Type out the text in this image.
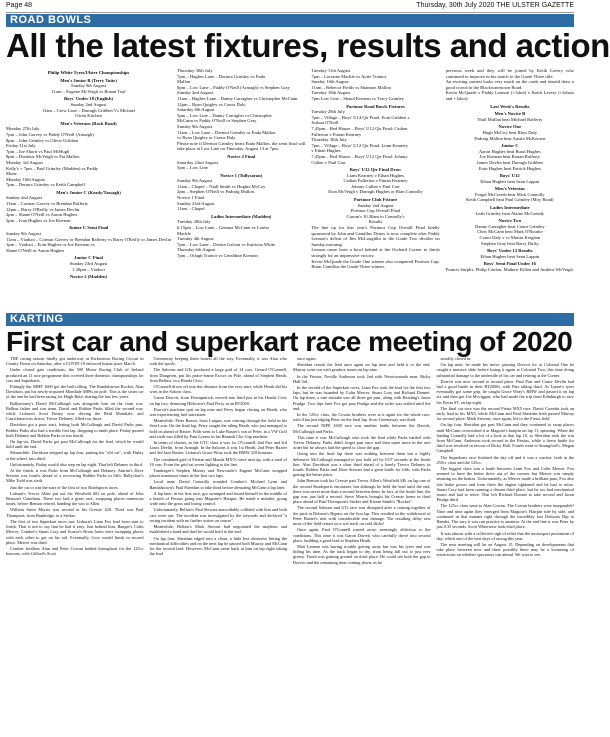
Page 48	Thursday, 30th July 2020 THE ULSTER GAZETTE
ROAD BOWLS
All the latest fixtures, results and action
Philip White Tyres/Ulster Championships
Men's Junior B (Terry Tuite)
Sunday 9th August
11am – Eugene McVeigh vs Ronan Toal
Boys' Under 18 (English)
Sunday 2nd August
11am – Crew Lane – Darragh Gribben Vs Michael
Owen Kitchen
Men's Veterans (Rock Road)
Monday 27th July
7pm – John Garvey vs Paddy O'Neill (Armagh)
8pm – John Grimley vs Oliver Gribben
Friday 31st July
7pm – Joe Shortt vs Paul McHugh
8pm – Dominic McVeigh vs Pat Mallon
Monday 3rd August
Kelly's + 7pm – Paul Grimley (Madden) vs Paddy
Mone
Monday 10th August
7pm – Dermot Grimley vs Keith Campbell
Men's Junior C (Keady/Tassagh)
Sunday 2nd August
11am – Cormac Garvey vs Brendan Rafferty
12pm – Barry O'Reilly vs James Devlin
2pm – Shane O'Neill vs Aaron Hughes
2pm – Ivan Hughes vs Joe Kiernan
Junior C Semi Final
Sunday 9th August
11am – Viaduct – Cormac Garvey or Brendan Rafferty vs Barry O'Reilly or James Devlin
1pm – Viaduct – Eoin Hughes or Joe Kiernan vs
Shane O'Neill or Aaron Hughes
Junior C Final
Sunday 23rd August
1.30pm – Viaduct
Novice 2 (Madden)
Thursday 30th July
7pm – Hughes Lane – Dermot Grimley vs Enda
Mallon
8pm – Low Lane – Paddy O'Neill (Armagh) vs Stephen Gray
Sunday 2nd August
11am – Hughes Lane – Danny Carragher vs Christopher McCann
12pm – Ryan Quigley vs Conor Daly
Saturday 8th August
5pm – Low Line – Danny Carragher or Christopher
McCann vs Paddy O'Neill or Stephen Gray
Sunday 9th August
11am – Low Lane – Dermot Grimley or Enda Mallon
vs Ryan Quigley or Conor Daly
Please note if Dermot Grimley beats Enda Mallon, the semi final will take place at Low Line on Thursday, August 13 at 7pm.
Novice 2 Final
Saturday 22nd August
5pm – Low Line
Novice 1 (Tullysaran)
Sunday 9th August
11am – Chapel – Niall Smith vs Hughie McCoy
2pm – Stephen O'Neill vs Padraig Mallon
Novice 1 Final
Sunday 23rd August
11am – Chapel
Ladies Intermediate (Madden)
Tuesday 28th July
6.15pm – Low Lane – Gemma McCann vs Louise
Mackle
Tuesday 4th August
7pm – Low Lane – Denise Galvan vs Katriona White
Thursday 6th August
7pm – Orlagh Trainor vs Geraldine Kiernan
Tuesday 11th August
7pm – Lorraine Mackle vs Aoife Trainor
Sunday 16th August
11am – Rebecca Fields vs Shannon Mallon
Tuesday 18th August
7pm Low Line – Shaud Kiernan vs Tracy Grimley
Portmor Road Bowls Fixtures
Tuesday 28th July
7pm – Village – Boys' U14 Qtr Final: Eoin Gribben v
Joshua O'Neill
7.45pm – Red House – Boys' U12 Qtr Final: Cadian
Fullerton v Fintan Kearney
Thursday 30th July
7pm – Village – Boys' U12 Qtr Final: Liam Kearney
v Ethan Hughes
7.45pm – Red House – Boys' U12 Qtr Final: Johnny
Cullen v Paul Carr
Boys' U12 Qtr Final Draw
Liam Kearney v Ethan Hughes
Cadian Fullerton v Fintan Kearney
Johnny Cullen v Paul Carr
Eoin McVeigh v Darragh Hughes or Rian Connolly
Portmor Club Fixture
Sunday 2nd August
Portmor Cup Overall Final
Curran's 10.30am to Connolly's
Results
The line up for this year's Portmor Cup Overall Final kindly sponsored by John and Camillus Dynes is now complete after Paddy Lennon's defeat of Jim McLoughlin in the Grade Two decider on Sunday morning.
Lennon came from a bowl behind at the Orchard Corner to finish strongly for an impressive victory.
Kevin McQuade the Grade One winner also conquered Portmor Cup, Brian Camillus the Grade Three winner.
previous week and they will be joined by Keith Lavery who continued to improve in his match to the Grade Three title.
An exciting contest looks very much on the cards and should draw a good crowd to the Blackwatertown Road.
Kevin McQuade v Paddy Lennon (+1shot) v Keith Lavery (+2shots and +1shot).
Last Week's Results
Men's Novice B
Niall Mullan beat Michael Rafferty
Novice One
Hugh McCoy beat Rhys Daly
Padraig Mallon beat Austin McKeown
Junior C
Aaron Hughes beat Ruari Hughes
Joe Kiernan beat Ronan Rafferty
James Devlin beat Darragh Gribben
Eoin Hughes beat Patrick Hughes
Boys' U12
Ethan Hughes beat Sean Lappin
Men's Veterans
Fergal McCreesh beat Mick Connolly
Keith Campbell beat Paul Grimley (Moy Road)
Ladies Intermediate
Leah Grimley beat Alaine McGrendy
Novice Two
Danny Carragher beat Conor Grimley
Chris McCann beat Mark O'Rourke
Conor Daly v vs Martin Keighan
Stephen Gray beat Barry Duffy
Boys' Under 12 Results
Ethan Hughes beat Sean Lappin
Boys' Semi Final Under 16
Francis Surplis, Philip Conlon, Mathew Killen and Andrew McVeigh.
KARTING

THE racing season finally got underway at Kirkistown Racing Circuit in County Down on Saturday, after a COVID-19 enforced hiatus since March.

Under closed gate conditions, the 500 Motor Racing Club of Ireland produced an 11 race programme that covered three domestic championships for cars and Superkarts.

Fittingly the NIHF 1600 got the ball rolling. The Randalstown Rocket, Alan Davidson, put his newly-acquired Mondiale M89s on pole. This is the sister car of the one he had been racing for Hugh Reid, sharing the last few years.

Ballymoney's David McCullough was alongside him on the front row. Bellina father and son team, David and Robbie Parks filled the second row, while Lisburn's Scott Finlay, now driving the Reid Mondiale, and Carrickmacross driver, Trevor Delaney, filled row three.

Davidson got a poor start, letting both McCullough and David Parks past. Robbie Parks also had a terrible first lap, dropping to ninth place. Finlay passed both Delaney and Robbie Parks to run fourth.

On lap six, David Parks got past McCullough for the lead, which he would hold until the end.

Meanwhile, Davidson stepped up lap four, putting his "old car", with Finlay at the wheel, into third.

Unfortunately, Finlay would also step on lap eight. That left Delaney in third.

At the finish, it was Parks from McCullough and Delaney. Antrim's Dave Stewart was fourth, ahead of a recovering Robbie Parks in fifth. Ballyclare's Mike Todd was sixth.

Just the car to win the start of the first of two Roadsports races.

Lisburn's Trevor Allen put out his Westfield SEi on pole, ahead of John Benson's Caterham. These two had a great race, swapping places numerous times, before Benson retired, handing the win to Allen.

William Steve Morris was second in his Cressie 42S. Third was Paul Thompson, from Banbridge, in a Striker.

The first of two Superkart races saw Lisburn's Liam Fox lead from start to finish. That is not to say that he had it easy. Just behind him, Banger's Colin Mercer, Comber's Stuart Cory and Scarva's Brian Jones were swapping places with each other to get on his tail. Eventually, Cory would finish in second place. Mercer was third.

Comber brothers Alan and Peter Cowan battled throughout for the 125cc honours, with Gifford's Scott

Greenaway keeping them honest all the way. Eventually, it was Alan who took the spoils.

The Saloons and GTs produced a large grid of 14 cars. Gerard O'Connell, from Dungiven, put his peace-frame Escort on Pole, ahead of Stephen Heath, from Belfast, in a Honda Civic.

O'Connell drove off into the distance from the very start, while Heath did his wins in the Saloon class.

Garon Dorrvit, from Downpatrick, moved into third just in his Honda Civic on lap two, demoting Hillsown's Paul Perry in an RT2000.

Dorrvit's machine quit on lap nine and Perry began closing on Heath, who was experiencing fuel starvation.

Meanwhile, Peter Baxter, from Lurgan, was coming through the field in his Seat Leon. On the final lap, Perry caught the ailing Heath, who just managed to hold on ahead of Baxter. Fifth went to Luke Baxter's son of Peter, in a VW Golf and sixth was filled by Pam Lyness in his Renault Clio Cup machine.

In terms of classes, as the GTC class it was 1st O'Connell, 2nd Parr and 3rd Louis Devlin, from Armagh. In the Saloons it was 1st Heath, 2nd Peter Baxter and 3rd Jazz Baxter. Lisburn's Grace Wray took the BMW 318 honours.

The combined grid of Fiestas and Mazda MX5's were next up, with a total of 16 cars. From the grid sat seven lighting to the line.

Tandragee's Stephen Murray and Newcastle's Eugene McCann swapped places numerous times in the first two laps.

Local man, David Connolly rounded Comber's Michael Lynn and Randalstown's Paul Sheridan to take third before demoting McCann a lap later.

A lap later, in his first race, got swamped and found himself in the middle of a bunch of Fiestas going into Maguire's Hairpin. He made a mistake, going wide onto the grass and losing control.

Unfortunately, Belfast's Paul Stewart unavoidably collided with him and both cars were out. The incident was investigated by the stewards and declared "a racing incident with no further action on course".

Meanwhile, Belfast's Mark Stewart had negotiated the mayhem and established a bond and duel he would hold to the end.

On lap four, Sheridan edged into a clean, a little less obtrusive hitting the mechanical difficulties and on the next lap he passed both Murray and McCann for the second lead. However, McCann came back at him on lap eight taking the lead

once again.

Sheridan retook the lead once again on lap nine and held it to the end. Murray went out with gearbox issues on lap nine.

In the Fiestas, Neville Anderson took 2nd with Newtownards man, Ricky Hall 3rd.

In the second of the Superkart races, Liam Fox took the lead for the first two laps, but he was hounded by Colin Mercer, Stuart Cory and Richard Donnet. On lap three, a rare mistake saw all three get past, along with Reading's Jason Prudge. Two laps later Fox got past Prudge and the order was settled until the end.

In the 125cc class, the Cowan brothers were at it again for the whole race, with Alan just edging Peter on the final lap. Scott Greenaway was third.

The second NIFF 1600 race was another battle between the Davids, McCullough and Parks.

This time it was McCullough who took the lead while Parks battled with Trevor Delaney. Parks didn't forget past once and then some more in the rare order but he always had the speed to close the gap.

Going into the final lap there was nothing between them but a highly defensive McCullough managed to just hold off by 0.07 seconds at the finish line. Alan Davidson was a clear third ahead of a lonely Trevor Delaney in fourth. Robbie Parks and Dave Stewart had a great battle for fifth, with Parks getting the better place.

John Benson took his Cressie past Trevor Allen's Westfield SEi on lap one of the second Roadsports encounter, but although he held the lead until the end, there was never more than a second between them. In fact, at the finish line, the gap was just half a second. Steve Morris brought his Cressie home in third place ahead of Paul Thompson's Striker and Kieran Smith's "Rocket".

The second Saloons and GTs race was disrupted after a coming together of the pack at Dobson's Bypass on the first lap. This resulted in the withdrawal of Peter Baxter's seat with considerable rear damage. The resulting delay saw most of the field restart on a wet track on cold slicks!

Once again, Paul O'Connell roared away, seemingly oblivious to the conditions. This time it was Garon Dorrvit who carefully drove into second place, building a good lead to Stephen Heath.

Matt Lennon was having trouble getting away but was his tyres and was hiding his time. As the track began to dry, from being full out to just very greasy. Troub was gaining ground on third place. He could see both the gap to Dorrvit and the remaining time coming down, as he

steadily closed in.

On lap nine, he made his move, passing Dorrvit for at Colonial One he caught a massive slide before losing it again at Colonial Two, this time doing substantial damage to the underside of his car and retiring at the Corner.

Dorrvit was now second to second place. Paul Parr and Conor Devlin had had a good battle in their RT2000s, with Parr taking third. As Lynne's tyres eventually got some grip, he caught Grace Wray's BMW and passed it on lap six and then got Joe Mcviggan, who had made the trip from Edinburgh to race his Fiesta ST, on lap eight.

The final car race was the second Fiesta MX5 race. Davitt Coombs took an early lead in his MX5, while McCann and Paul Sheridan both passed Murray for second place. Mark Stewart, once again, led to the Fiesta field.

On lap four, Sheridan got past McCann and they continued to swap places until McCann overcooked it at Maguire's hairpin on lap 11, spinning. When the leading Connolly had a bit of a look at that lap 10, so Sheridan took the win from McCann. Anderson took second in the Fiestas, while a fierce battle for third was resolved in favour of Ricky Hall. Fourth went to Strangford's, Megan Campbell.

The Superkarts race finished the day off and it was a cracker, both in the 250cc class and the 125cc.

The biggest class was a battle between Liam Fox and Colin Mercer. Fox seemed to have the better drive out of the corners but Mercer was simply amazing on the brakes. Unfortunately, as Mercer made a brilliant pass, Fox also lost brake power and from there the engine tightened and he had to retire. Stuart Cory had been running a distant third place, but he too had mechanical issues and had to retire. That left Richard Donnet to take second and Jason Prudge third.

The 125cc class went to Alan Cowan. The Cowan brothers were inseparable! Time and time again they emerged from Maguire's Hairpin side by side, and continued in that manner right through the incredibly fast Dobsons Dip to Hamlet. The way it was run practice is amateur. At the end line it was Peter by just 0.35 seconds. Scott Whitewaw took third place.

It was almost with a collective sigh of relief that the motorsport pessimism of day, which one of the best days of racing this year.

The next meeting will be on August 15. Depending on developments that take place between now and then, possibly there may be a loosening of restrictions on whether spectators can attend. We wait to see.

First car and superkart race meeting of 2020
